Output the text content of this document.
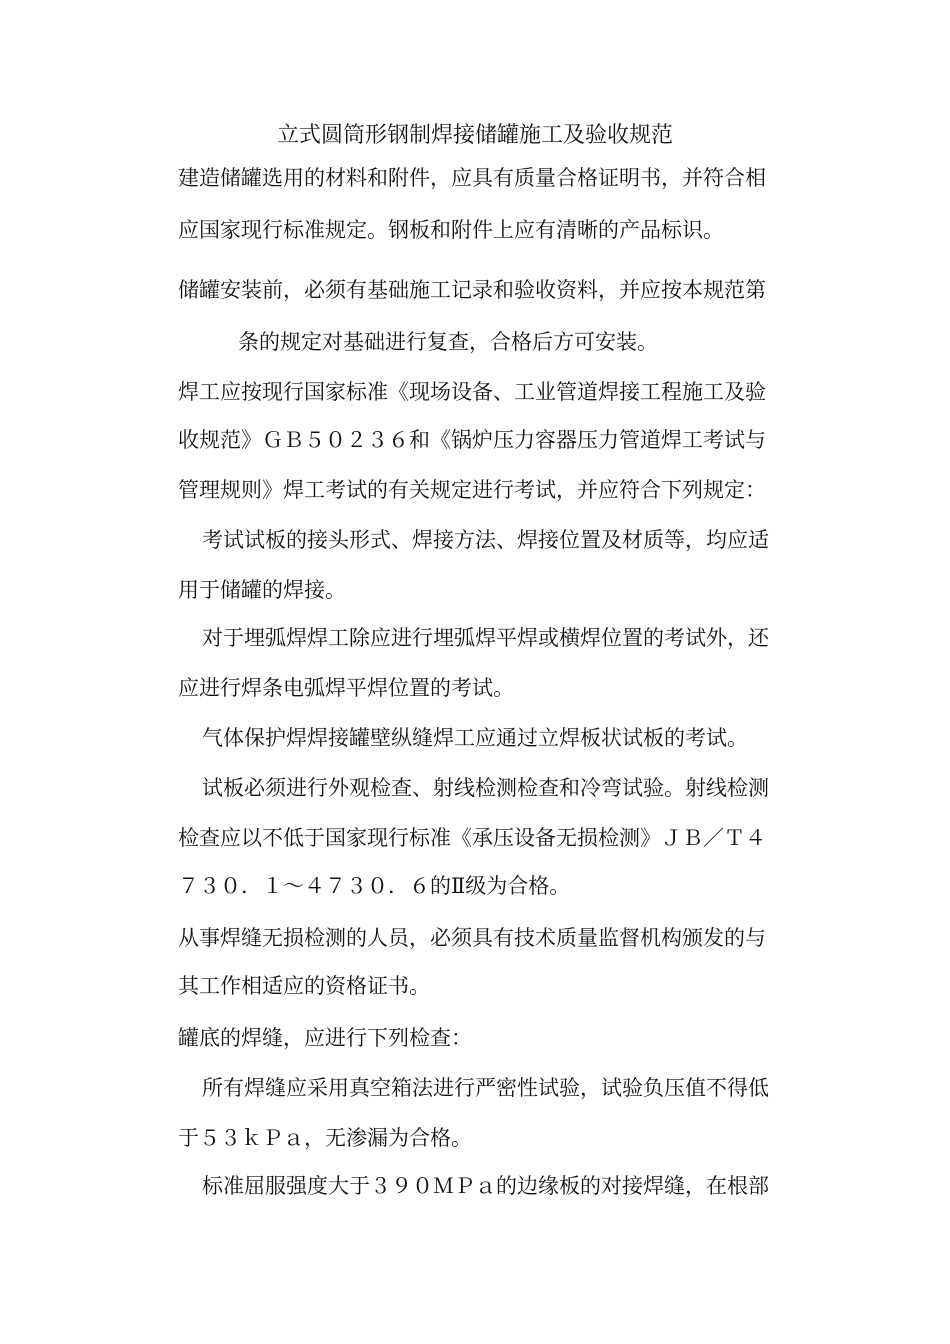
立式圆筒形钢制焊接储罐施工及验收规范
建造储罐选用的材料和附件，应具有质量合格证明书，并符合相
应国家现行标准规定。钢板和附件上应有清晰的产品标识。
储罐安装前，必须有基础施工记录和验收资料，并应按本规范第
条的规定对基础进行复查，合格后方可安装。
焊工应按现行国家标准《现场设备、工业管道焊接工程施工及验
收规范》ＧＢ５０２３６和《锅炉压力容器压力管道焊工考试与
管理规则》焊工考试的有关规定进行考试，并应符合下列规定：
考试试板的接头形式、焊接方法、焊接位置及材质等，均应适
用于储罐的焊接。
对于埋弧焊焊工除应进行埋弧焊平焊或横焊位置的考试外，还
应进行焊条电弧焊平焊位置的考试。
气体保护焊焊接罐壁纵缝焊工应通过立焊板状试板的考试。
试板必须进行外观检查、射线检测检查和冷弯试验。射线检测
检查应以不低于国家现行标准《承压设备无损检测》ＪＢ／Ｔ４
７３０．１～４７３０．６的Ⅱ级为合格。
从事焊缝无损检测的人员，必须具有技术质量监督机构颁发的与
其工作相适应的资格证书。
罐底的焊缝，应进行下列检查：
所有焊缝应采用真空箱法进行严密性试验，试验负压值不得低
于５３ｋＰａ，无渗漏为合格。
标准屈服强度大于３９０ＭＰａ的边缘板的对接焊缝，在根部
